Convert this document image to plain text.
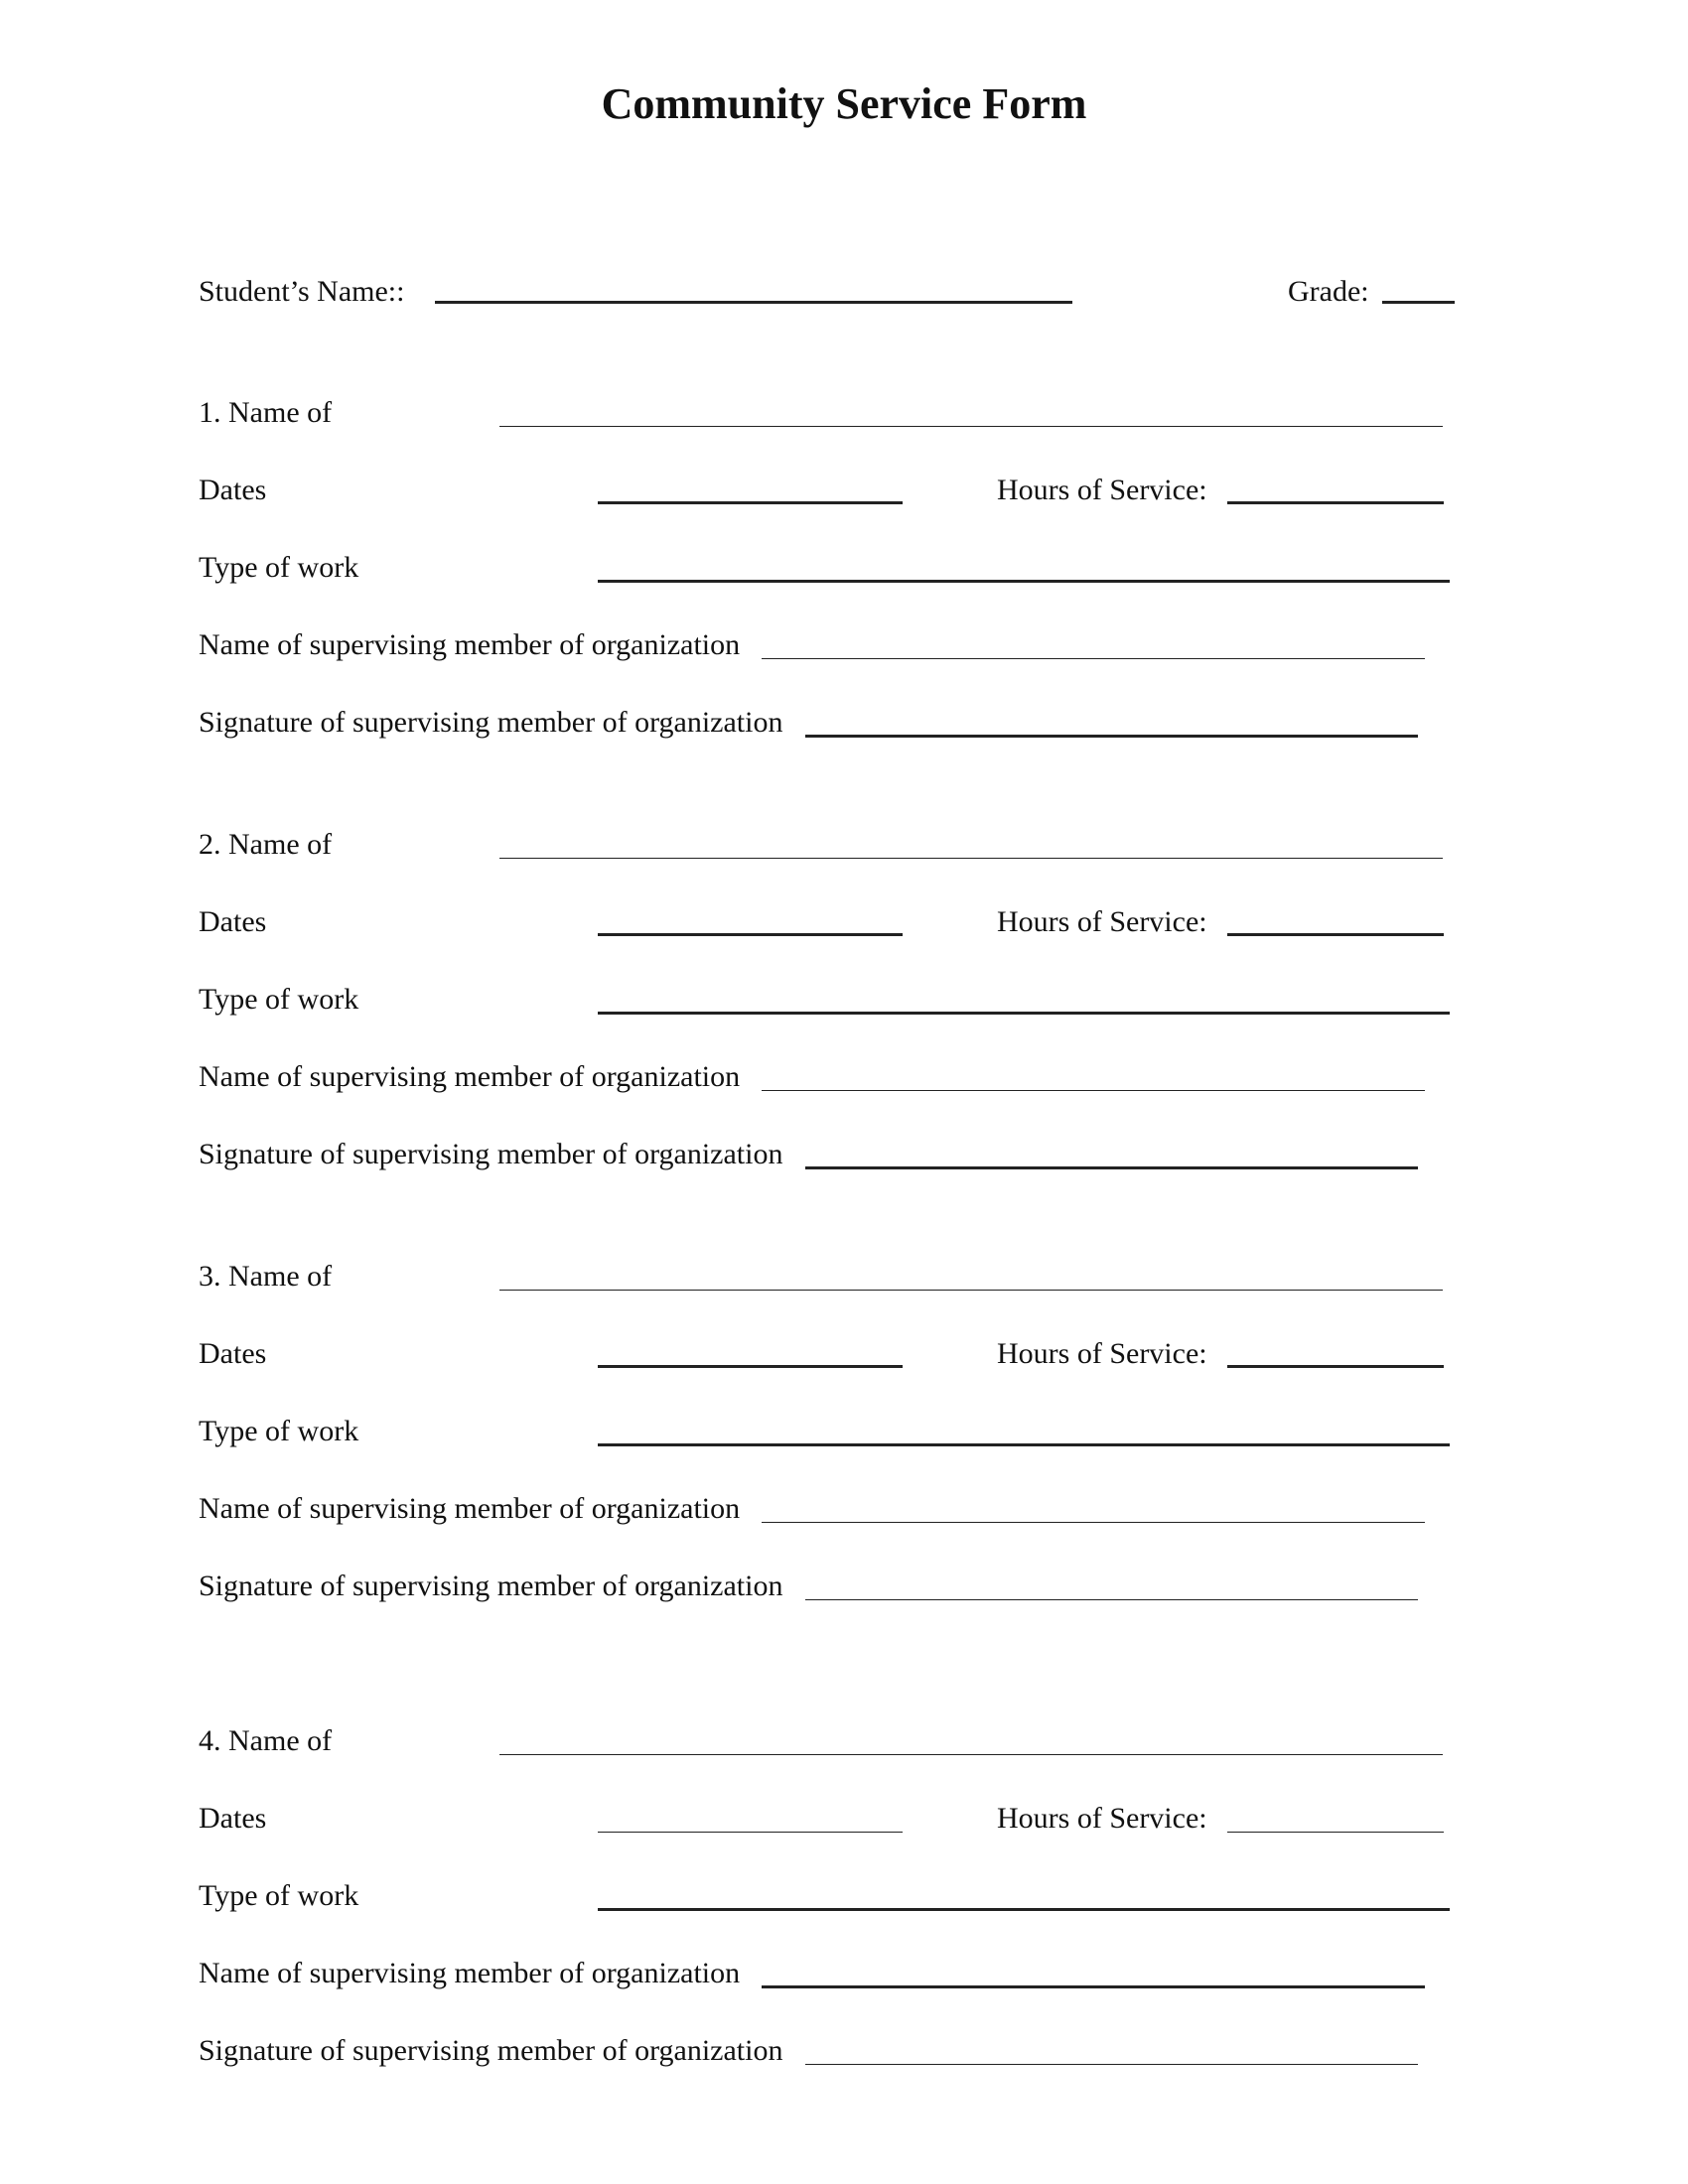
Community Service Form
Student’s Name::	Grade:
1. Name of
Dates	Hours of Service:
Type of work
Name of supervising member of organization
Signature of supervising member of organization
2. Name of
Dates	Hours of Service:
Type of work
Name of supervising member of organization
Signature of supervising member of organization
3. Name of
Dates	Hours of Service:
Type of work
Name of supervising member of organization
Signature of supervising member of organization
4. Name of
Dates	Hours of Service:
Type of work
Name of supervising member of organization
Signature of supervising member of organization
